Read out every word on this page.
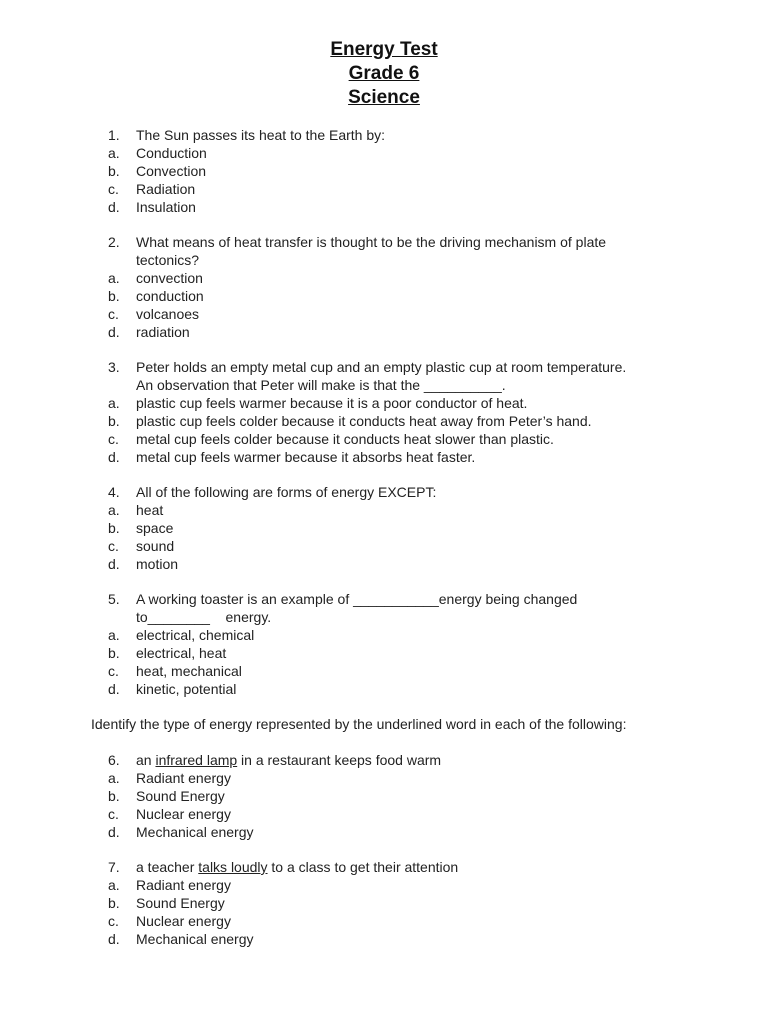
Energy Test
Grade 6
Science
1.	The Sun passes its heat to the Earth by:
a.	Conduction
b.	Convection
c.	Radiation
d.	Insulation
2.	What means of heat transfer is thought to be the driving mechanism of plate
tectonics?
a.	convection
b.	conduction
c.	volcanoes
d.	radiation
3.	Peter holds an empty metal cup and an empty plastic cup at room temperature.
An observation that Peter will make is that the __________.
a.	plastic cup feels warmer because it is a poor conductor of heat.
b.	plastic cup feels colder because it conducts heat away from Peter’s hand.
c.	metal cup feels colder because it conducts heat slower than plastic.
d.	metal cup feels warmer because it absorbs heat faster.
4.	All of the following are forms of energy EXCEPT:
a.	heat
b.	space
c.	sound
d.	motion
5.	A working toaster is an example of ___________energy being changed
to________    energy.
a.	electrical, chemical
b.	electrical, heat
c.	heat, mechanical
d.	kinetic, potential
Identify the type of energy represented by the underlined word in each of the following:
6.	an infrared lamp in a restaurant keeps food warm
a.	Radiant energy
b.	Sound Energy
c.	Nuclear energy
d.	Mechanical energy
7.	a teacher talks loudly to a class to get their attention
a.	Radiant energy
b.	Sound Energy
c.	Nuclear energy
d.	Mechanical energy
